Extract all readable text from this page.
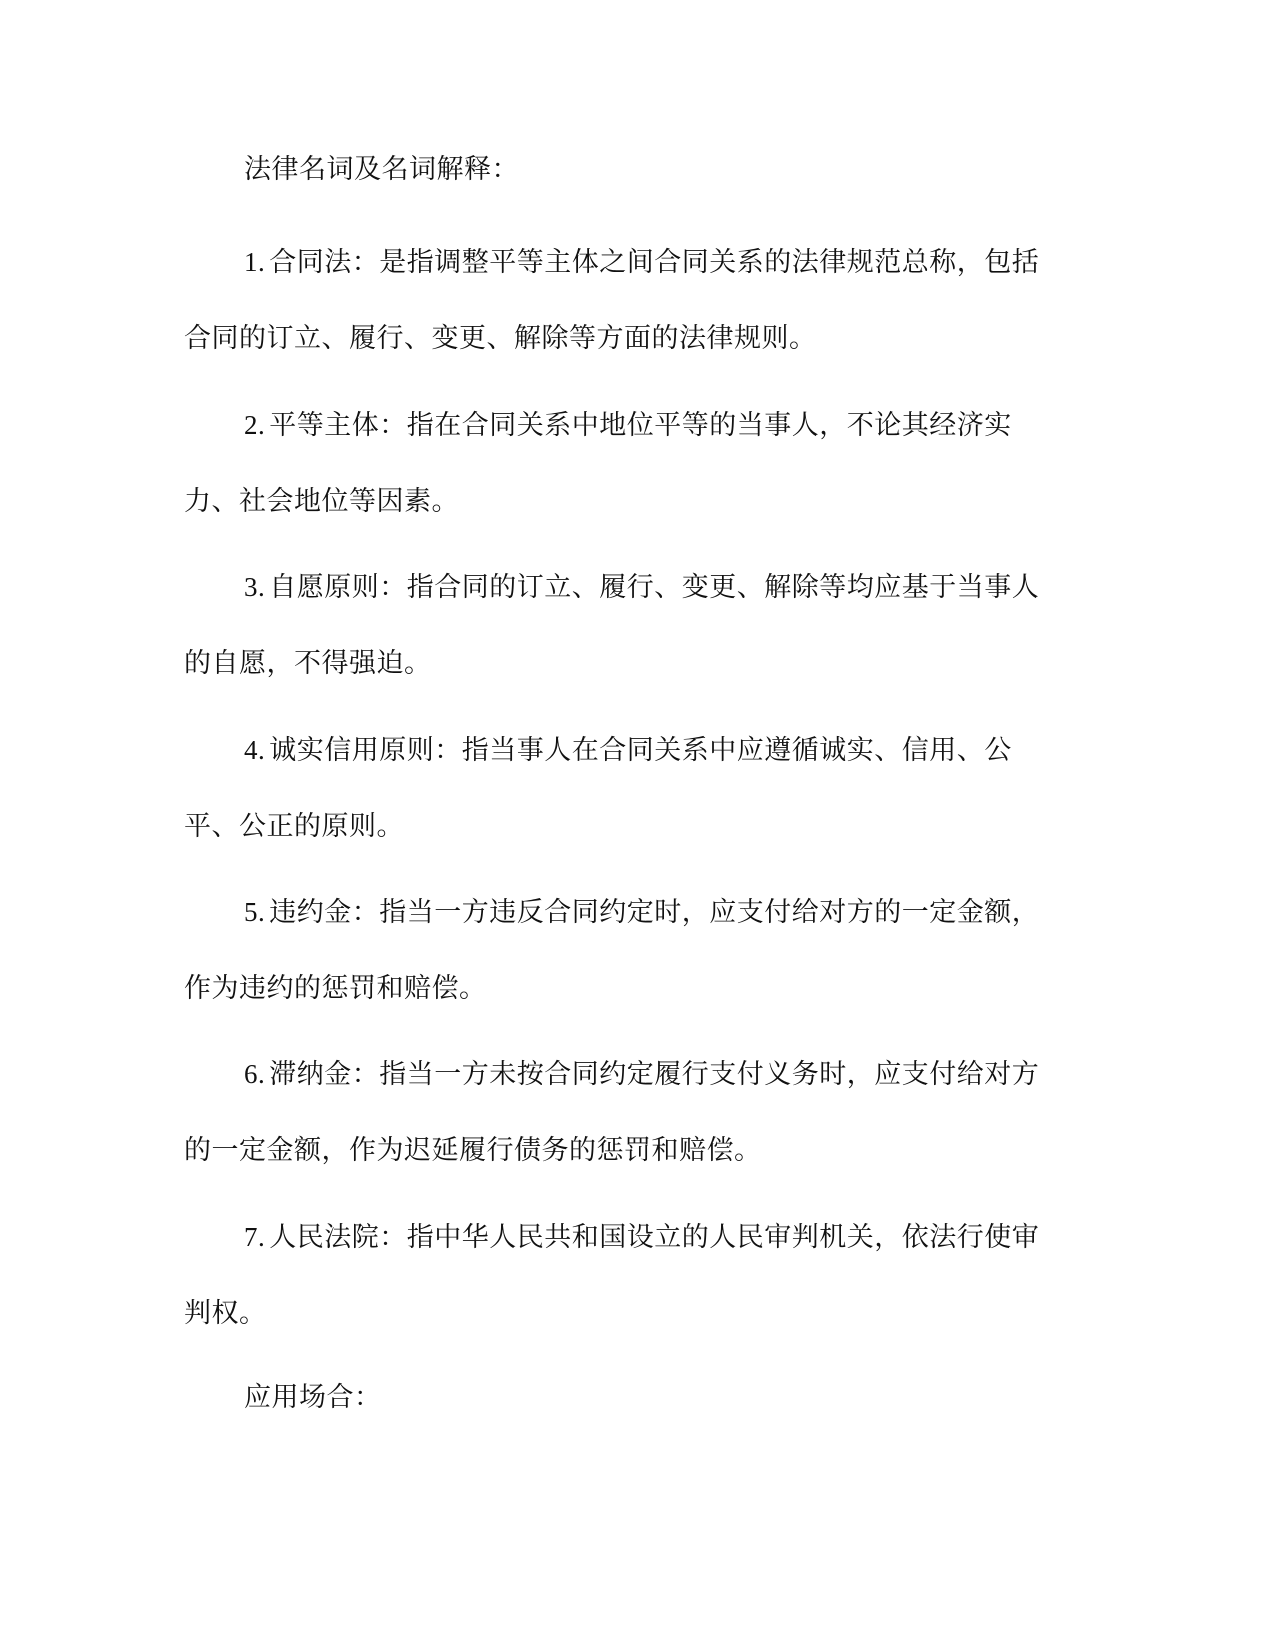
法律名词及名词解释：

1. 合同法：是指调整平等主体之间合同关系的法律规范总称，包括合同的订立、履行、变更、解除等方面的法律规则。

2. 平等主体：指在合同关系中地位平等的当事人，不论其经济实力、社会地位等因素。

3. 自愿原则：指合同的订立、履行、变更、解除等均应基于当事人的自愿，不得强迫。

4. 诚实信用原则：指当事人在合同关系中应遵循诚实、信用、公平、公正的原则。

5. 违约金：指当一方违反合同约定时，应支付给对方的一定金额，作为违约的惩罚和赔偿。

6. 滞纳金：指当一方未按合同约定履行支付义务时，应支付给对方的一定金额，作为迟延履行债务的惩罚和赔偿。

7. 人民法院：指中华人民共和国设立的人民审判机关，依法行使审判权。

应用场合：
